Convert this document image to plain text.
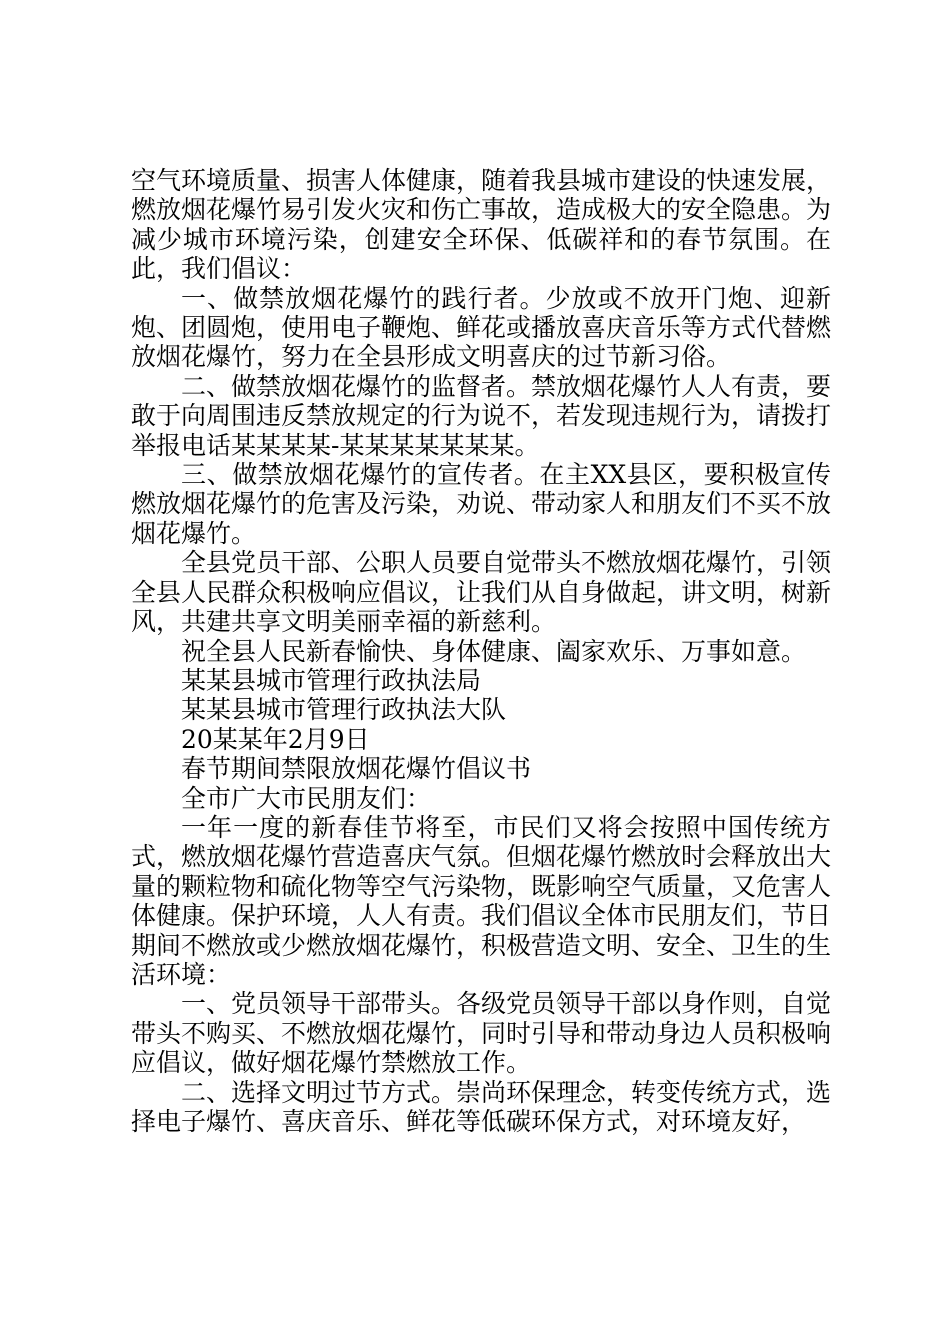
空气环境质量、损害人体健康，随着我县城市建设的快速发展，燃放烟花爆竹易引发火灾和伤亡事故，造成极大的安全隐患。为减少城市环境污染，创建安全环保、低碳祥和的春节氛围。在此，我们倡议：

一、做禁放烟花爆竹的践行者。少放或不放开门炮、迎新炮、团圆炮，使用电子鞭炮、鲜花或播放喜庆音乐等方式代替燃放烟花爆竹，努力在全县形成文明喜庆的过节新习俗。

二、做禁放烟花爆竹的监督者。禁放烟花爆竹人人有责，要敢于向周围违反禁放规定的行为说不，若发现违规行为，请拨打举报电话某某某某-某某某某某某某。

三、做禁放烟花爆竹的宣传者。在主XX县区，要积极宣传燃放烟花爆竹的危害及污染，劝说、带动家人和朋友们不买不放烟花爆竹。

全县党员干部、公职人员要自觉带头不燃放烟花爆竹，引领全县人民群众积极响应倡议，让我们从自身做起，讲文明，树新风，共建共享文明美丽幸福的新慈利。

祝全县人民新春愉快、身体健康、阖家欢乐、万事如意。

某某县城市管理行政执法局

某某县城市管理行政执法大队

20某某年2月9日

春节期间禁限放烟花爆竹倡议书

全市广大市民朋友们：

一年一度的新春佳节将至，市民们又将会按照中国传统方式，燃放烟花爆竹营造喜庆气氛。但烟花爆竹燃放时会释放出大量的颗粒物和硫化物等空气污染物，既影响空气质量，又危害人体健康。保护环境，人人有责。我们倡议全体市民朋友们，节日期间不燃放或少燃放烟花爆竹，积极营造文明、安全、卫生的生活环境：

一、党员领导干部带头。各级党员领导干部以身作则，自觉带头不购买、不燃放烟花爆竹，同时引导和带动身边人员积极响应倡议，做好烟花爆竹禁燃放工作。

二、选择文明过节方式。崇尚环保理念，转变传统方式，选择电子爆竹、喜庆音乐、鲜花等低碳环保方式，对环境友好，
